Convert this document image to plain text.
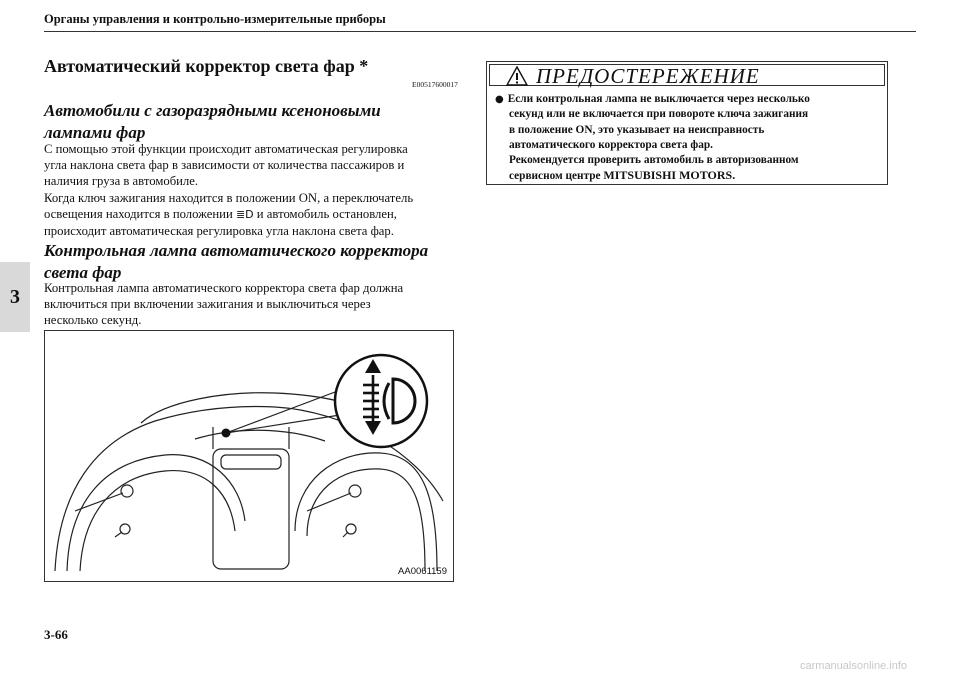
Органы управления и контрольно-измерительные приборы
3
Автоматический корректор света фар *
E00517600017
Автомобили с газоразрядными ксеноновыми
лампами фар
С помощью этой функции происходит автоматическая регулировка
угла наклона света фар в зависимости от количества пассажиров и
наличия груза в автомобиле.
Когда ключ зажигания находится в положении ON, а переключатель
освещения находится в положении ≣D и автомобиль остановлен,
происходит автоматическая регулировка угла наклона света фар.
Контрольная лампа автоматического корректора
света фар
Контрольная лампа автоматического корректора света фар должна
включиться при включении зажигания и выключиться через
несколько секунд.
ПРЕДОСТЕРЕЖЕНИЕ
● Если контрольная лампа не выключается через несколько
секунд или не включается при повороте ключа зажигания
в положение ON, это указывает на неисправность
автоматического корректора света фар.
Рекомендуется проверить автомобиль в авторизованном
сервисном центре MITSUBISHI MOTORS.
AA0061159
3-66
carmanualsonline.info
